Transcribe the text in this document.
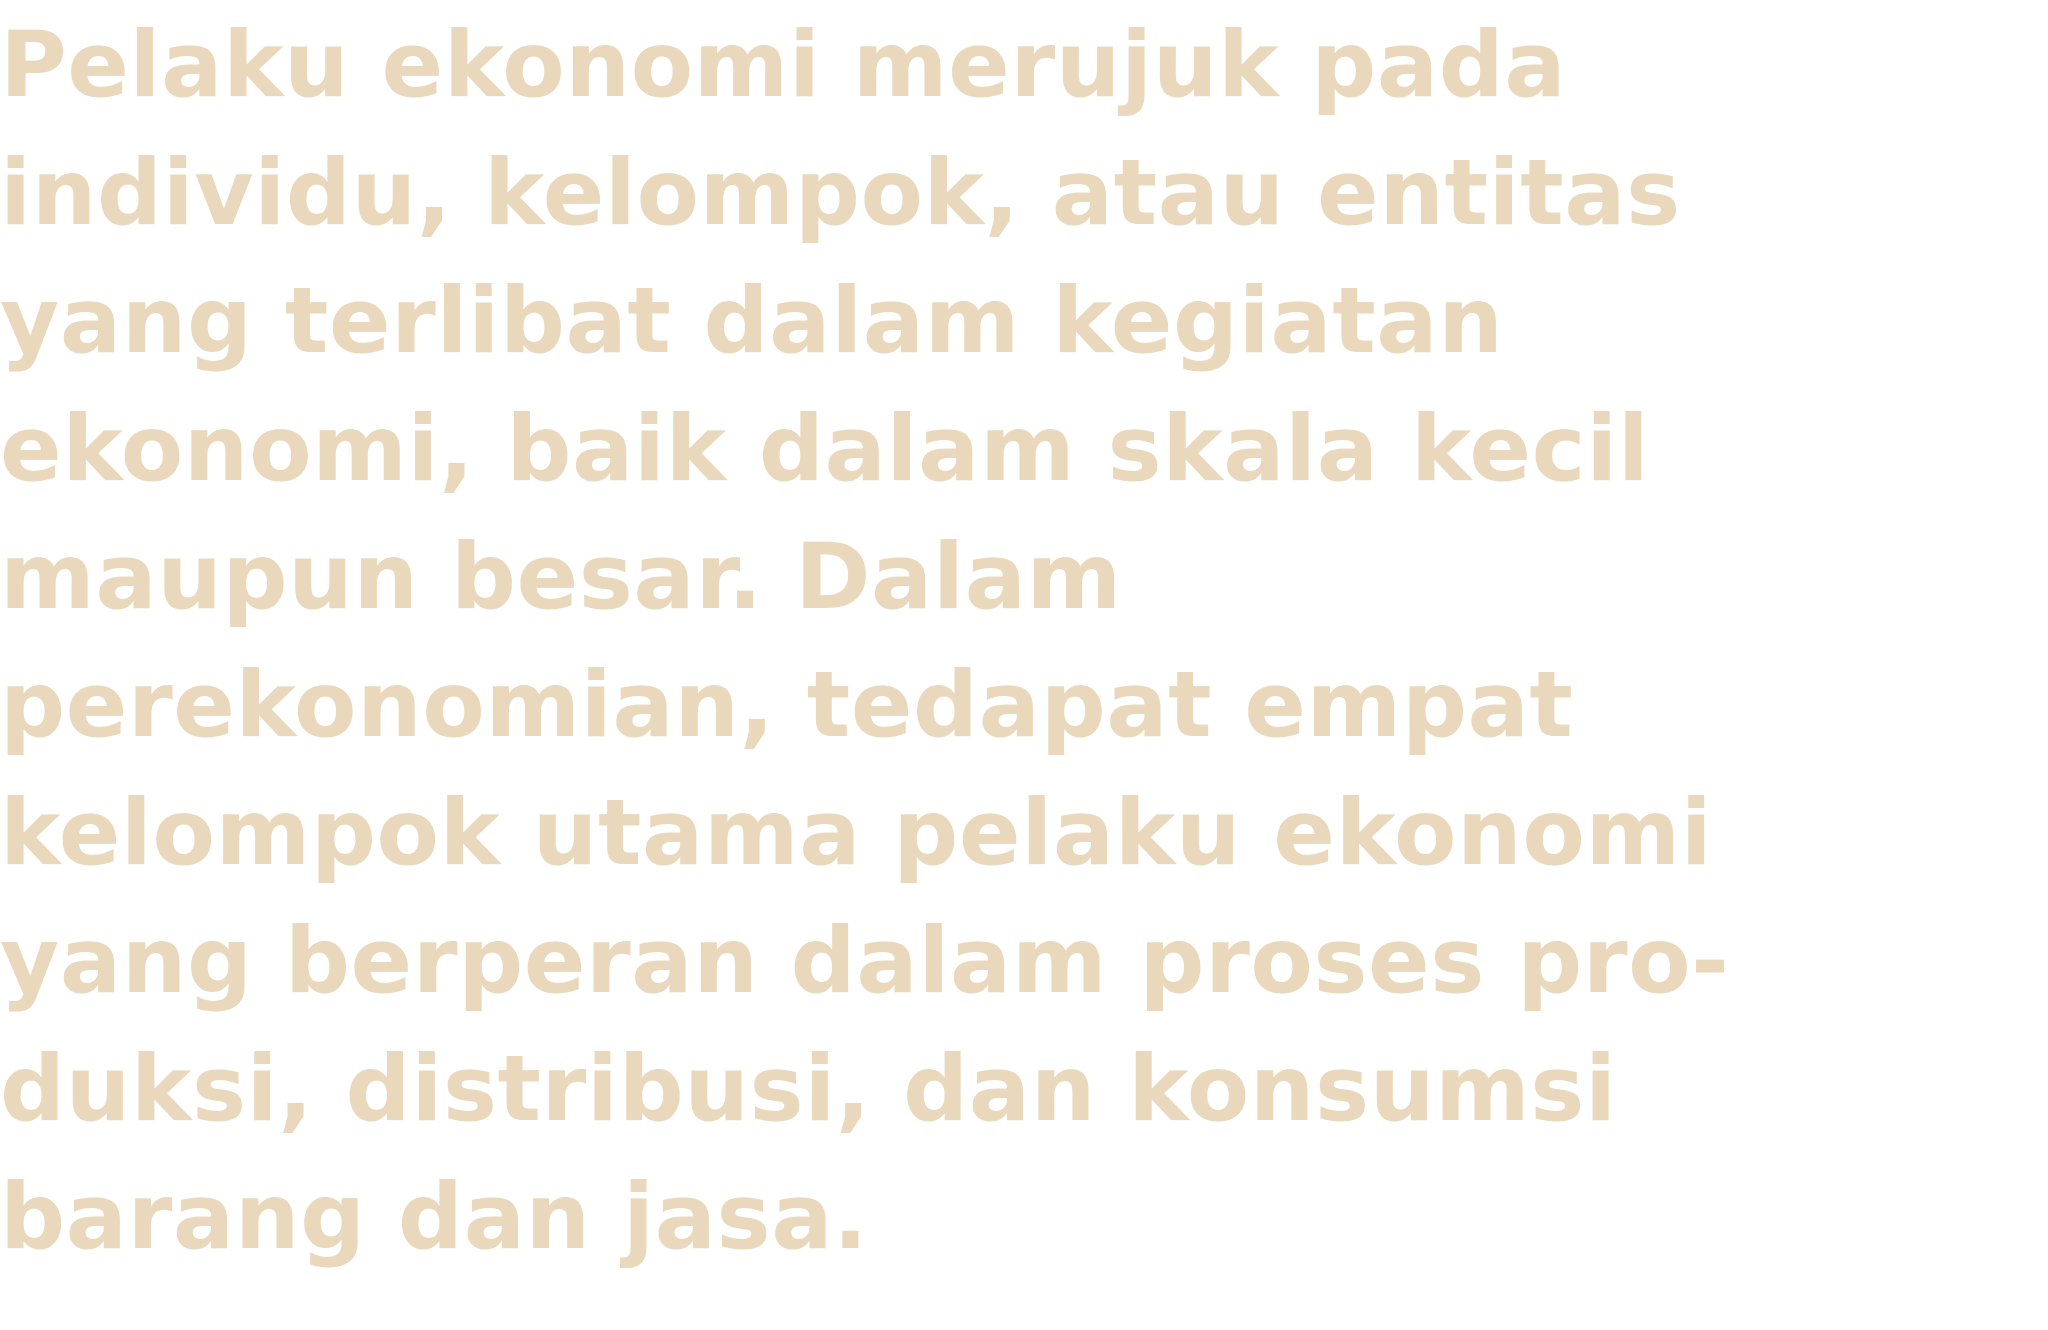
Pelaku ekonomi merujuk pada
individu, kelompok, atau entitas
yang terlibat dalam kegiatan
ekonomi, baik dalam skala kecil
maupun besar. Dalam
perekonomian, tedapat empat
kelompok utama pelaku ekonomi
yang berperan dalam proses pro-
duksi, distribusi, dan konsumsi
barang dan jasa.
